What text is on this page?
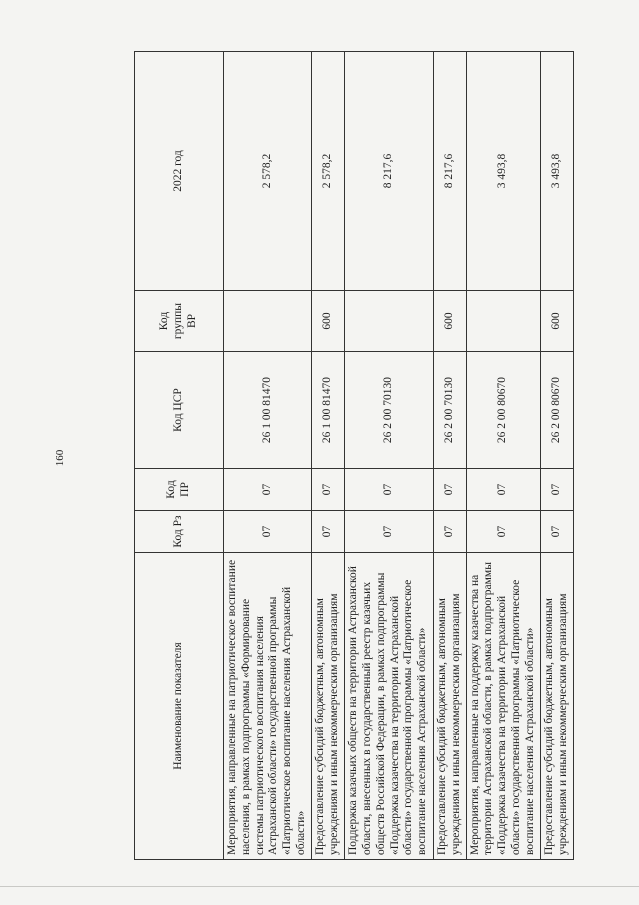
160
Наименование показателя	Код Рз	Код ПР	Код ЦСР	Код группы ВР	2022 год
Мероприятия, направленные на патриотическое воспитание населения, в рамках подпрограммы «Формирование системы патриотического воспитания населения Астраханской области» государственной программы «Патриотическое воспитание населения Астраханской области»	07	07	26 1 00 81470		2 578,2
Предоставление субсидий бюджетным, автономным учреждениям и иным некоммерческим организациям	07	07	26 1 00 81470	600	2 578,2
Поддержка казачьих обществ на территории Астраханской области, внесенных в государственный реестр казачьих обществ Российской Федерации, в рамках подпрограммы «Поддержка казачества на территории Астраханской области» государственной программы «Патриотическое воспитание населения Астраханской области»	07	07	26 2 00 70130		8 217,6
Предоставление субсидий бюджетным, автономным учреждениям и иным некоммерческим организациям	07	07	26 2 00 70130	600	8 217,6
Мероприятия, направленные на поддержку казачества на территории Астраханской области, в рамках подпрограммы «Поддержка казачества на территории Астраханской области» государственной программы «Патриотическое воспитание населения Астраханской области»	07	07	26 2 00 80670		3 493,8
Предоставление субсидий бюджетным, автономным учреждениям и иным некоммерческим организациям	07	07	26 2 00 80670	600	3 493,8
